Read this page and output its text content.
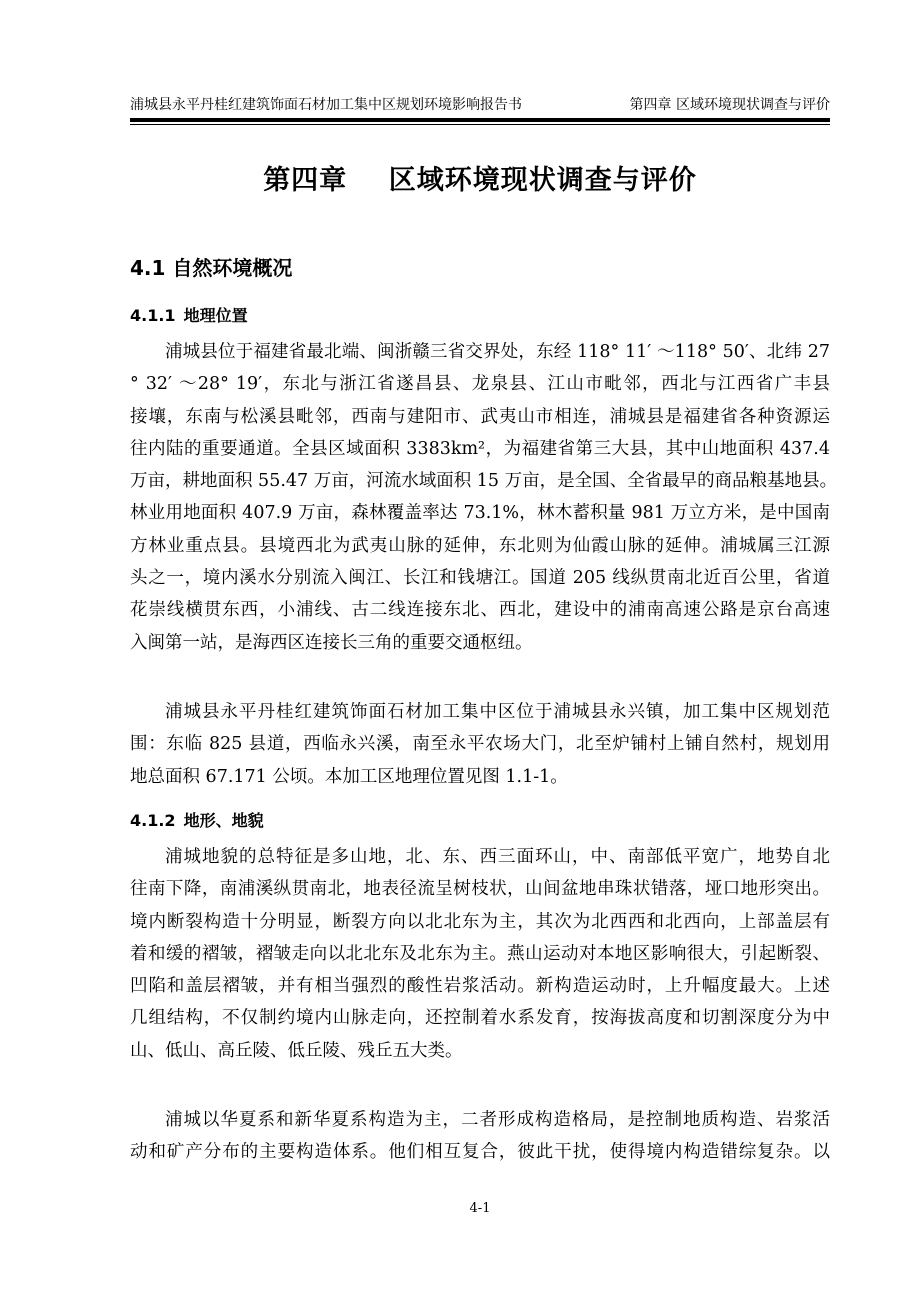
浦城县永平丹桂红建筑饰面石材加工集中区规划环境影响报告书	第四章 区域环境现状调查与评价
第四章    区域环境现状调查与评价
4.1 自然环境概况
4.1.1 地理位置
浦城县位于福建省最北端、闽浙赣三省交界处，东经 118° 11′ ～118° 50′、北纬 27
° 32′ ～28° 19′，东北与浙江省遂昌县、龙泉县、江山市毗邻，西北与江西省广丰县
接壤，东南与松溪县毗邻，西南与建阳市、武夷山市相连，浦城县是福建省各种资源运
往内陆的重要通道。全县区域面积 3383km²，为福建省第三大县，其中山地面积 437.4
万亩，耕地面积 55.47 万亩，河流水域面积 15 万亩，是全国、全省最早的商品粮基地县。
林业用地面积 407.9 万亩，森林覆盖率达 73.1%，林木蓄积量 981 万立方米，是中国南
方林业重点县。县境西北为武夷山脉的延伸，东北则为仙霞山脉的延伸。浦城属三江源
头之一，境内溪水分别流入闽江、长江和钱塘江。国道 205 线纵贯南北近百公里，省道
花崇线横贯东西，小浦线、古二线连接东北、西北，建设中的浦南高速公路是京台高速
入闽第一站，是海西区连接长三角的重要交通枢纽。
浦城县永平丹桂红建筑饰面石材加工集中区位于浦城县永兴镇，加工集中区规划范
围：东临 825 县道，西临永兴溪，南至永平农场大门，北至炉铺村上铺自然村，规划用
地总面积 67.171 公顷。本加工区地理位置见图 1.1-1。
4.1.2 地形、地貌
浦城地貌的总特征是多山地，北、东、西三面环山，中、南部低平宽广，地势自北
往南下降，南浦溪纵贯南北，地表径流呈树枝状，山间盆地串珠状错落，垭口地形突出。
境内断裂构造十分明显，断裂方向以北北东为主，其次为北西西和北西向，上部盖层有
着和缓的褶皱，褶皱走向以北北东及北东为主。燕山运动对本地区影响很大，引起断裂、
凹陷和盖层褶皱，并有相当强烈的酸性岩浆活动。新构造运动时，上升幅度最大。上述
几组结构，不仅制约境内山脉走向，还控制着水系发育，按海拔高度和切割深度分为中
山、低山、高丘陵、低丘陵、残丘五大类。
浦城以华夏系和新华夏系构造为主，二者形成构造格局，是控制地质构造、岩浆活
动和矿产分布的主要构造体系。他们相互复合，彼此干扰，使得境内构造错综复杂。以
4-1
